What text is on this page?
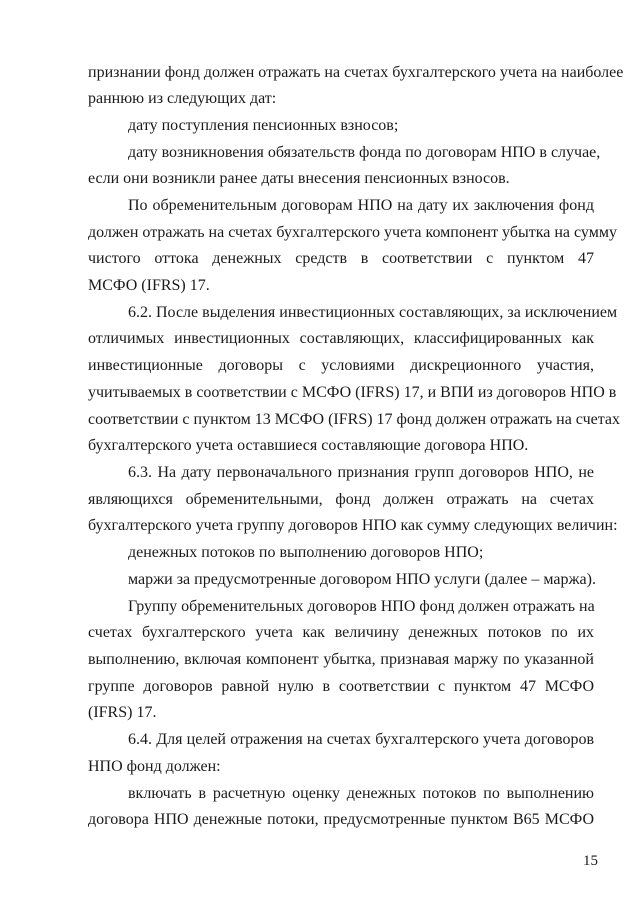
признании фонд должен отражать на счетах бухгалтерского учета на наиболее
раннюю из следующих дат:
дату поступления пенсионных взносов;
дату возникновения обязательств фонда по договорам НПО в случае,
если они возникли ранее даты внесения пенсионных взносов.
По обременительным договорам НПО на дату их заключения фонд
должен отражать на счетах бухгалтерского учета компонент убытка на сумму
чистого оттока денежных средств в соответствии с пунктом 47
МСФО (IFRS) 17.
6.2. После выделения инвестиционных составляющих, за исключением
отличимых инвестиционных составляющих, классифицированных как
инвестиционные договоры с условиями дискреционного участия,
учитываемых в соответствии с МСФО (IFRS) 17, и ВПИ из договоров НПО в
соответствии с пунктом 13 МСФО (IFRS) 17 фонд должен отражать на счетах
бухгалтерского учета оставшиеся составляющие договора НПО.
6.3. На дату первоначального признания групп договоров НПО, не
являющихся обременительными, фонд должен отражать на счетах
бухгалтерского учета группу договоров НПО как сумму следующих величин:
денежных потоков по выполнению договоров НПО;
маржи за предусмотренные договором НПО услуги (далее – маржа).
Группу обременительных договоров НПО фонд должен отражать на
счетах бухгалтерского учета как величину денежных потоков по их
выполнению, включая компонент убытка, признавая маржу по указанной
группе договоров равной нулю в соответствии с пунктом 47 МСФО
(IFRS) 17.
6.4. Для целей отражения на счетах бухгалтерского учета договоров
НПО фонд должен:
включать в расчетную оценку денежных потоков по выполнению
договора НПО денежные потоки, предусмотренные пунктом В65 МСФО
15
